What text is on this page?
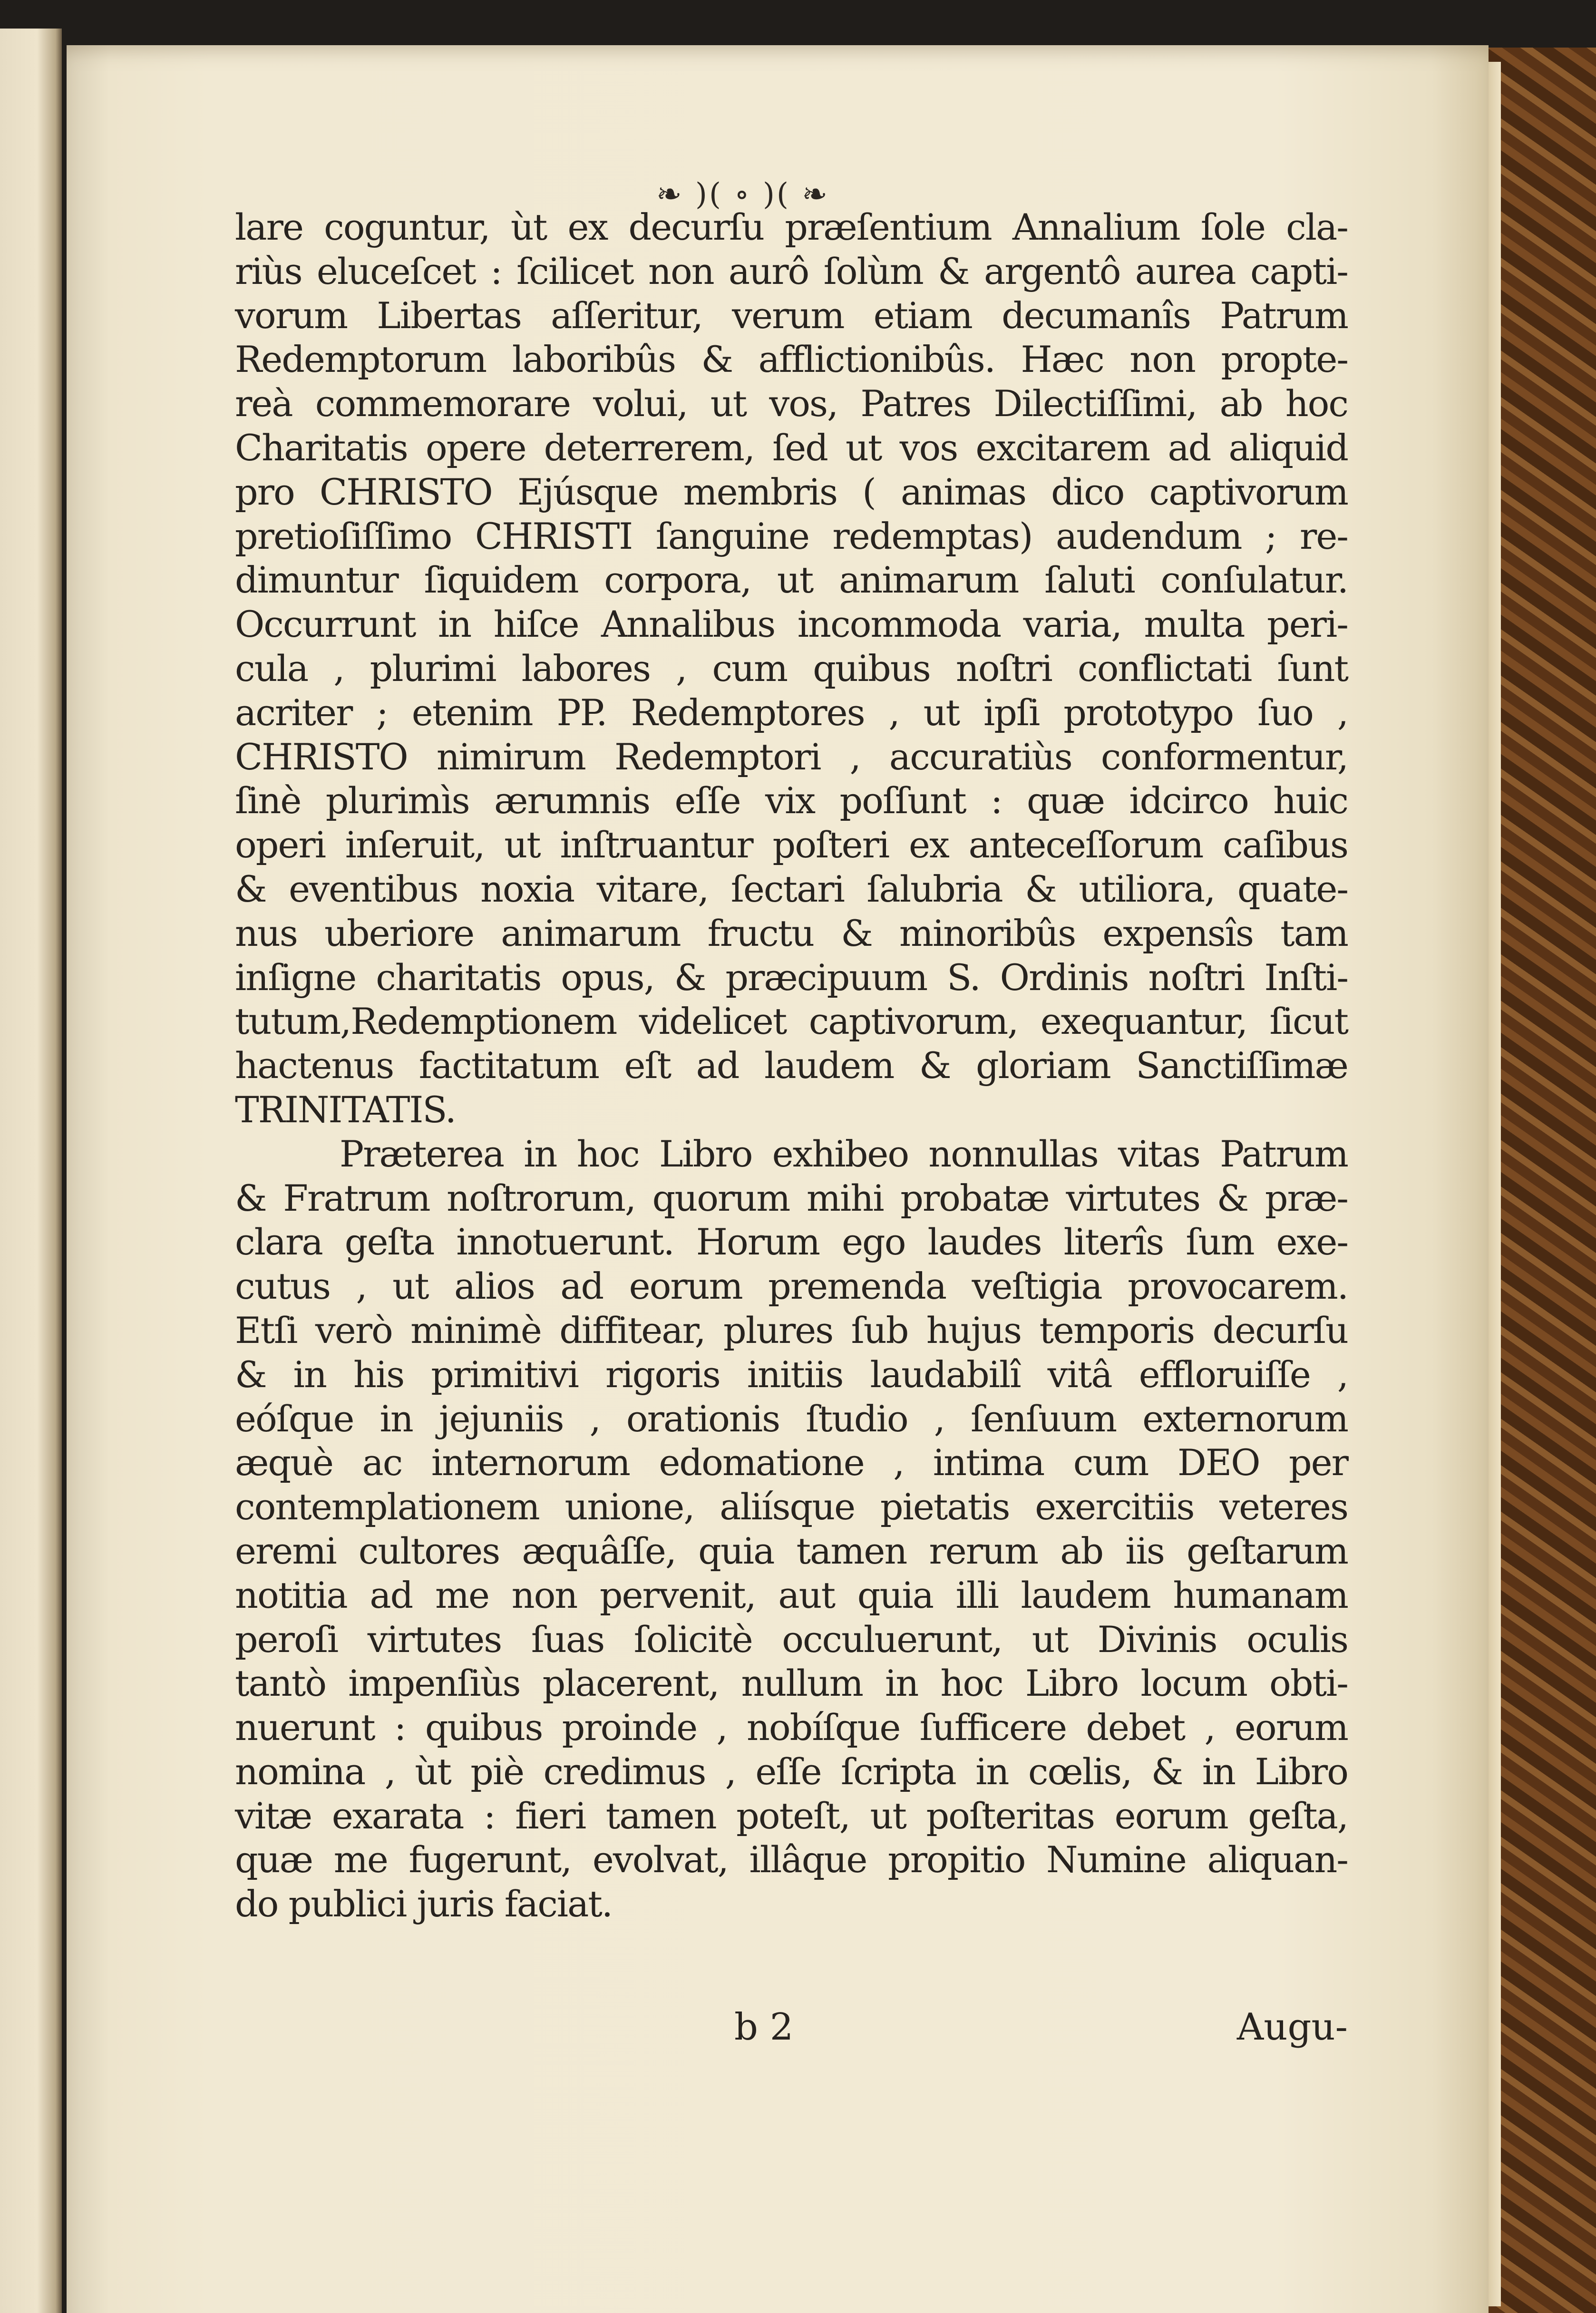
❧ )( ∘ )( ❧
lare coguntur, ùt ex decurſu præſentium Annalium ſole cla-
riùs eluceſcet : ſcilicet non aurô ſolùm & argentô aurea capti-
vorum Libertas aſſeritur, verum etiam decumanîs Patrum
Redemptorum laboribûs & afflictionibûs. Hæc non propte-
reà commemorare volui, ut vos, Patres Dilectiſſimi, ab hoc
Charitatis opere deterrerem, ſed ut vos excitarem ad aliquid
pro CHRISTO Ejúsque membris ( animas dico captivorum
pretioſiſſimo CHRISTI ſanguine redemptas) audendum ; re-
dimuntur ſiquidem corpora, ut animarum ſaluti conſulatur.
Occurrunt in hiſce Annalibus incommoda varia, multa peri-
cula , plurimi labores , cum quibus noſtri conflictati ſunt
acriter ; etenim PP. Redemptores , ut ipſi prototypo ſuo ,
CHRISTO nimirum Redemptori , accuratiùs conformentur,
ſinè plurimìs ærumnis eſſe vix poſſunt : quæ idcirco huic
operi inſeruit, ut inſtruantur poſteri ex anteceſſorum caſibus
& eventibus noxia vitare, ſectari ſalubria & utiliora, quate-
nus uberiore animarum fructu & minoribûs expensîs tam
inſigne charitatis opus, & præcipuum S. Ordinis noſtri Inſti-
tutum,Redemptionem videlicet captivorum, exequantur, ſicut
hactenus factitatum eſt ad laudem & gloriam Sanctiſſimæ
TRINITATIS.
Præterea in hoc Libro exhibeo nonnullas vitas Patrum
& Fratrum noſtrorum, quorum mihi probatæ virtutes & præ-
clara geſta innotuerunt. Horum ego laudes literîs ſum exe-
cutus , ut alios ad eorum premenda veſtigia provocarem.
Etſi verò minimè diffitear, plures ſub hujus temporis decurſu
& in his primitivi rigoris initiis laudabilî vitâ effloruiſſe ,
eóſque in jejuniis , orationis ſtudio , ſenſuum externorum
æquè ac internorum edomatione , intima cum DEO per
contemplationem unione, aliísque pietatis exercitiis veteres
eremi cultores æquâſſe, quia tamen rerum ab iis geſtarum
notitia ad me non pervenit, aut quia illi laudem humanam
peroſi virtutes ſuas ſolicitè occuluerunt, ut Divinis oculis
tantò impenſiùs placerent, nullum in hoc Libro locum obti-
nuerunt : quibus proinde , nobíſque ſufficere debet , eorum
nomina , ùt piè credimus , eſſe ſcripta in cœlis, & in Libro
vitæ exarata : fieri tamen poteſt, ut poſteritas eorum geſta,
quæ me fugerunt, evolvat, illâque propitio Numine aliquan-
do publici juris faciat.
b 2	Augu-
